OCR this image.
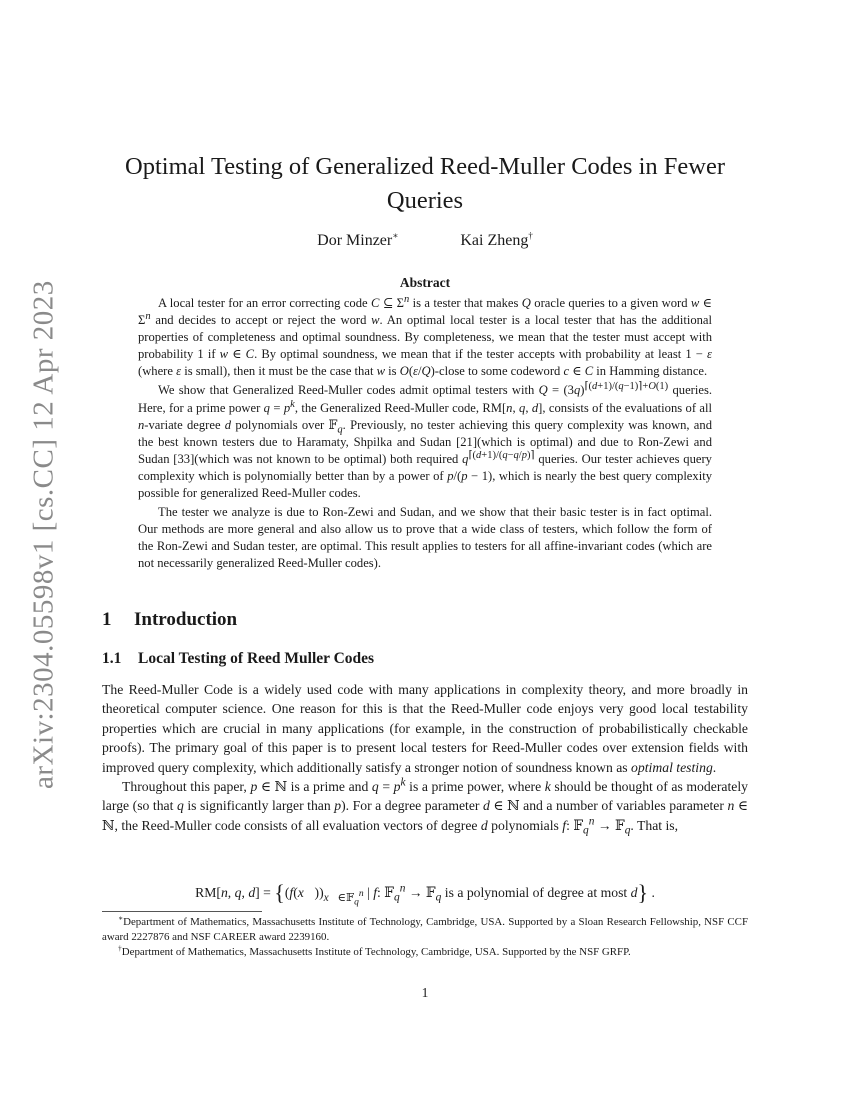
arXiv:2304.05598v1 [cs.CC] 12 Apr 2023
Optimal Testing of Generalized Reed-Muller Codes in Fewer Queries
Dor Minzer∗	Kai Zheng†
Abstract

A local tester for an error correcting code C ⊆ $\Sigma^n$ is a tester that makes Q oracle queries to a given word w ∈ $\Sigma^n$ and decides to accept or reject the word w. An optimal local tester is a local tester that has the additional properties of completeness and optimal soundness. By completeness, we mean that the tester must accept with probability 1 if w ∈ C. By optimal soundness, we mean that if the tester accepts with probability at least 1 − ε (where ε is small), then it must be the case that w is O(ε/Q)-close to some codeword c ∈ C in Hamming distance.

We show that Generalized Reed-Muller codes admit optimal testers with $Q = (3q)^{⌈(d+1)/(q-1)⌉+O(1)}$ queries. Here, for a prime power $q = p^k$, the Generalized Reed-Muller code, RM[n, q, d], consists of the evaluations of all n-variate degree d polynomials over 𝔽$_q$. Previously, no tester achieving this query complexity was known, and the best known testers due to Haramaty, Shpilka and Sudan [21](which is optimal) and due to Ron-Zewi and Sudan [33](which was not known to be optimal) both required $q^{⌈(d+1)/(q-q/p)⌉}$ queries. Our tester achieves query complexity which is polynomially better than by a power of p/(p − 1), which is nearly the best query complexity possible for generalized Reed-Muller codes.

The tester we analyze is due to Ron-Zewi and Sudan, and we show that their basic tester is in fact optimal. Our methods are more general and also allow us to prove that a wide class of testers, which follow the form of the Ron-Zewi and Sudan tester, are optimal. This result applies to testers for all affine-invariant codes (which are not necessarily generalized Reed-Muller codes).

1 Introduction
1.1 Local Testing of Reed Muller Codes

The Reed-Muller Code is a widely used code with many applications in complexity theory, and more broadly in theoretical computer science. One reason for this is that the Reed-Muller code enjoys very good local testability properties which are crucial in many applications (for example, in the construction of probabilistically checkable proofs). The primary goal of this paper is to present local testers for Reed-Muller codes over extension fields with improved query complexity, which additionally satisfy a stronger notion of soundness known as optimal testing.

Throughout this paper, p ∈ ℕ is a prime and $q = p^k$ is a prime power, where k should be thought of as moderately large (so that q is significantly larger than p). For a degree parameter d ∈ ℕ and a number of variables parameter n ∈ ℕ, the Reed-Muller code consists of all evaluation vectors of degree d polynomials f: 𝔽$_q^n$ → 𝔽$_q$. That is,

RM[n, q, $d] = \{(f(x⃗))_{x⃗\in 𝔽_q^n}$ | f: 𝔽$_q^n$ → 𝔽$_q$ is a polynomial of degree at most d} .

∗Department of Mathematics, Massachusetts Institute of Technology, Cambridge, USA. Supported by a Sloan Research Fellowship, NSF CCF award 2227876 and NSF CAREER award 2239160.

†Department of Mathematics, Massachusetts Institute of Technology, Cambridge, USA. Supported by the NSF GRFP.

1
